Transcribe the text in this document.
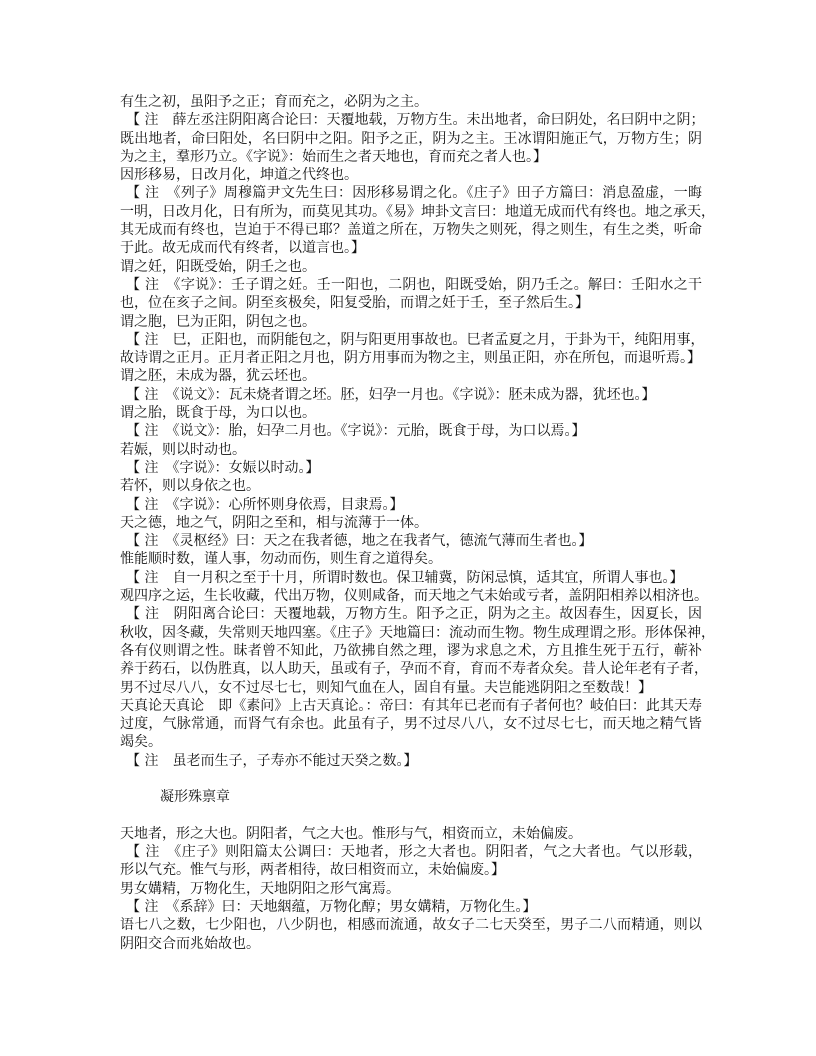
有生之初，虽阳予之正；育而充之，必阴为之主。
【 注　薛左丞注阴阳离合论曰：天覆地载，万物方生。未出地者，命曰阴处，名曰阴中之阴；
既出地者，命曰阳处，名曰阴中之阳。阳予之正，阴为之主。王冰谓阳施正气，万物方生；阴
为之主，羣形乃立。《字说》：始而生之者天地也，育而充之者人也。】
因形移易，日改月化，坤道之代终也。
【 注　《列子》周穆篇尹文先生曰：因形移易谓之化。《庄子》田子方篇曰：消息盈虚，一晦
一明，日改月化，日有所为，而莫见其功。《易》坤卦文言曰：地道无成而代有终也。地之承天，
其无成而有终也，岂迫于不得已耶？盖道之所在，万物失之则死，得之则生，有生之类，听命
于此。故无成而代有终者，以道言也。】
谓之妊，阳既受始，阴壬之也。
【 注　《字说》：壬子谓之妊。壬一阳也，二阴也，阳既受始，阴乃壬之。解曰：壬阳水之干
也，位在亥子之间。阴至亥极矣，阳复受胎，而谓之妊于壬，至子然后生。】
谓之胞，巳为正阳，阴包之也。
【 注　巳，正阳也，而阴能包之，阴与阳更用事故也。巳者孟夏之月，于卦为干，纯阳用事，
故诗谓之正月。正月者正阳之月也，阴方用事而为物之主，则虽正阳，亦在所包，而退听焉。】
谓之胚，未成为器，犹云坯也。
【 注　《说文》：瓦未烧者谓之坯。胚，妇孕一月也。《字说》：胚未成为器，犹坯也。】
谓之胎，既食于母，为口以也。
【 注　《说文》：胎，妇孕二月也。《字说》：元胎，既食于母，为口以焉。】
若娠，则以时动也。
【 注　《字说》：女娠以时动。】
若怀，则以身依之也。
【 注　《字说》：心所怀则身依焉，目隶焉。】
天之德，地之气，阴阳之至和，相与流薄于一体。
【 注　《灵枢经》曰：天之在我者德，地之在我者气，德流气薄而生者也。】
惟能顺时数，谨人事，勿动而伤，则生育之道得矣。
【 注　自一月积之至于十月，所谓时数也。保卫辅冀，防闲忌慎，适其宜，所谓人事也。】
观四序之运，生长收藏，代出万物，仪则咸备，而天地之气未始或亏者，盖阴阳相养以相济也。
【 注　阴阳离合论曰：天覆地载，万物方生。阳予之正，阴为之主。故因春生，因夏长，因
秋收，因冬藏，失常则天地四塞。《庄子》天地篇曰：流动而生物。物生成理谓之形。形体保神，
各有仪则谓之性。昧者曾不知此，乃欲拂自然之理，谬为求息之术，方且推生死于五行，蕲补
养于药石，以伪胜真，以人助天，虽或有子，孕而不育，育而不寿者众矣。昔人论年老有子者，
男不过尽八八，女不过尽七七，则知气血在人，固自有量。夫岂能逃阴阳之至数哉！】
天真论天真论　即《素问》上古天真论。：帝曰：有其年已老而有子者何也？岐伯曰：此其天寿
过度，气脉常通，而肾气有余也。此虽有子，男不过尽八八，女不过尽七七，而天地之精气皆
竭矣。
【 注　虽老而生子，子寿亦不能过天癸之数。】
凝形殊禀章
天地者，形之大也。阴阳者，气之大也。惟形与气，相资而立，未始偏废。
【 注　《庄子》则阳篇太公调曰：天地者，形之大者也。阴阳者，气之大者也。气以形载，
形以气充。惟气与形，两者相待，故曰相资而立，未始偏废。】
男女媾精，万物化生，天地阴阳之形气寓焉。
【 注　《系辞》曰：天地絪蕴，万物化醇；男女媾精，万物化生。】
语七八之数，七少阳也，八少阴也，相感而流通，故女子二七天癸至，男子二八而精通，则以
阴阳交合而兆始故也。
